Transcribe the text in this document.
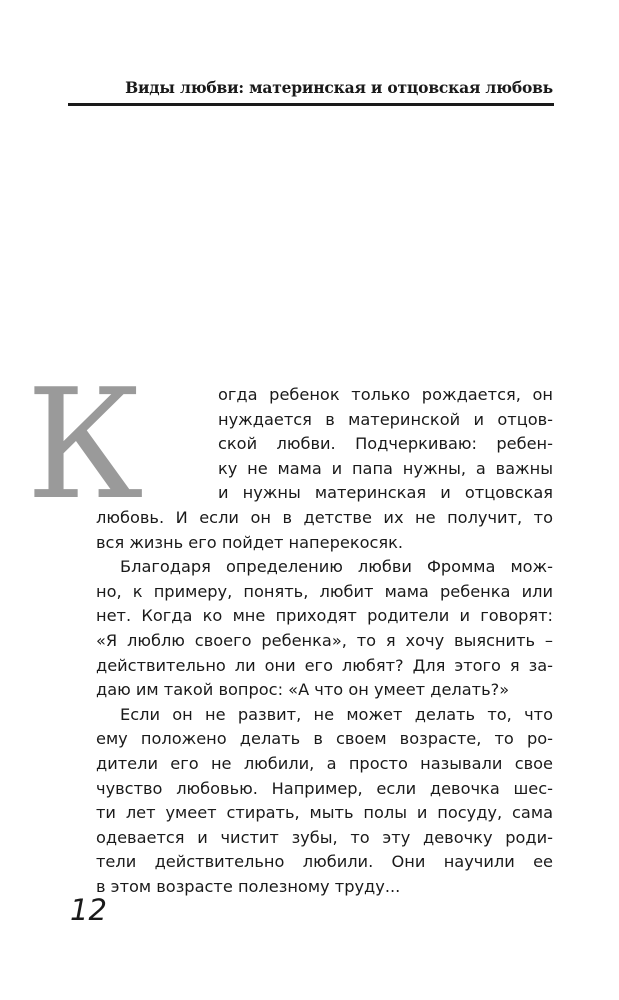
Виды любви: материнская и отцовская любовь
К	огда ребенок только рождается, он
нуждается в материнской и отцов-
ской любви. Подчеркиваю: ребен-
ку не мама и папа нужны, а важны
и нужны материнская и отцовская
любовь. И если он в детстве их не получит, то
вся жизнь его пойдет наперекосяк.
Благодаря определению любви Фромма мож-
но, к примеру, понять, любит мама ребенка или
нет. Когда ко мне приходят родители и говорят:
«Я люблю своего ребенка», то я хочу выяснить –
действительно ли они его любят? Для этого я за-
даю им такой вопрос: «А что он умеет делать?»
Если он не развит, не может делать то, что
ему положено делать в своем возрасте, то ро-
дители его не любили, а просто называли свое
чувство любовью. Например, если девочка шес-
ти лет умеет стирать, мыть полы и посуду, сама
одевается и чистит зубы, то эту девочку роди-
тели действительно любили. Они научили ее
в этом возрасте полезному труду...
12
